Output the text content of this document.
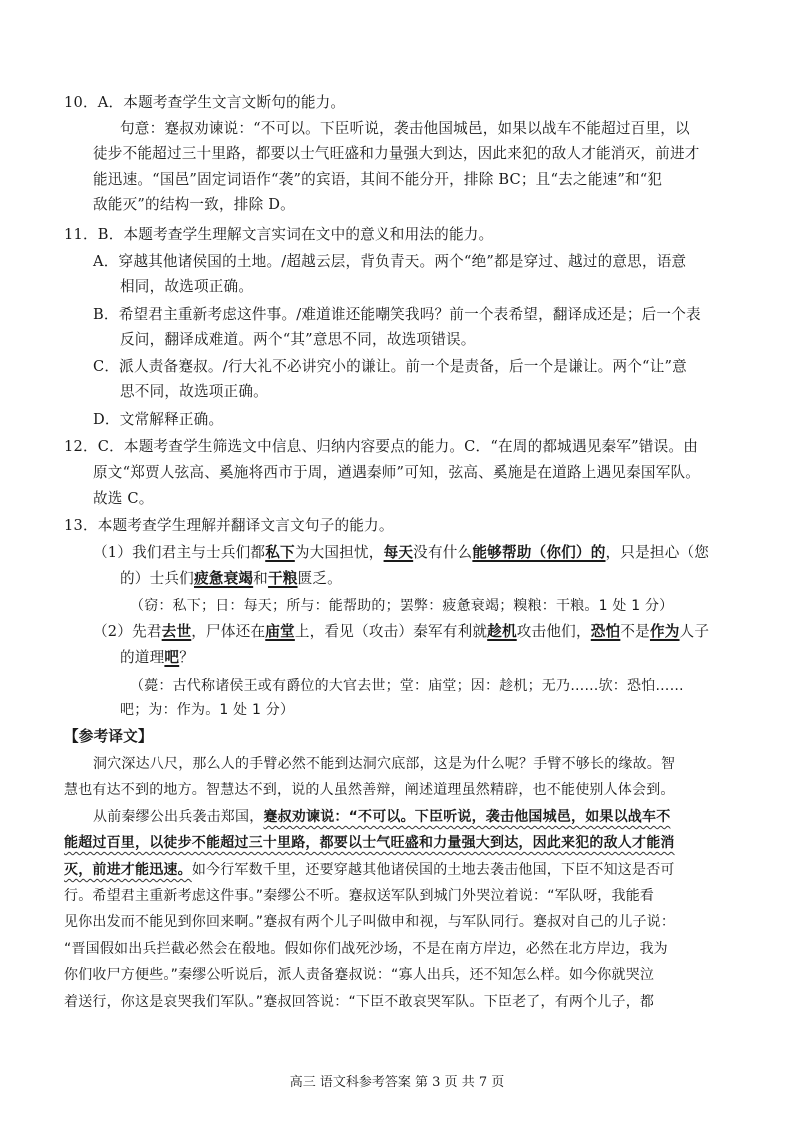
10．A．本题考查学生文言文断句的能力。
句意：蹇叔劝谏说：“不可以。下臣听说，袭击他国城邑，如果以战车不能超过百里，以
徒步不能超过三十里路，都要以士气旺盛和力量强大到达，因此来犯的敌人才能消灭，前进才
能迅速。“国邑”固定词语作“袭”的宾语，其间不能分开，排除 BC；且“去之能速”和“犯
敌能灭”的结构一致，排除 D。
11．B．本题考查学生理解文言实词在文中的意义和用法的能力。
A．穿越其他诸侯国的土地。/超越云层，背负青天。两个“绝”都是穿过、越过的意思，语意
相同，故选项正确。
B．希望君主重新考虑这件事。/难道谁还能嘲笑我吗？前一个表希望，翻译成还是；后一个表
反问，翻译成难道。两个“其”意思不同，故选项错误。
C．派人责备蹇叔。/行大礼不必讲究小的谦让。前一个是责备，后一个是谦让。两个“让”意
思不同，故选项正确。
D．文常解释正确。
12．C．本题考查学生筛选文中信息、归纳内容要点的能力。C．“在周的都城遇见秦军”错误。由
原文“郑贾人弦高、奚施将西市于周，遒遇秦师”可知，弦高、奚施是在道路上遇见秦国军队。
故选 C。
13．本题考查学生理解并翻译文言文句子的能力。
（1）我们君主与士兵们都私下为大国担忧，每天没有什么能够帮助（你们）的，只是担心（您
的）士兵们疲惫衰竭和干粮匮乏。
（窃：私下；日：每天；所与：能帮助的；罢弊：疲惫衰竭；糗粮：干粮。1 处 1 分）
（2）先君去世，尸体还在庙堂上，看见（攻击）秦军有利就趁机攻击他们，恐怕不是作为人子
的道理吧？
（薨：古代称诸侯王或有爵位的大官去世；堂：庙堂；因：趁机；无乃……欤：恐怕……
吧；为：作为。1 处 1 分）
【参考译文】
洞穴深达八尺，那么人的手臂必然不能到达洞穴底部，这是为什么呢？手臂不够长的缘故。智
慧也有达不到的地方。智慧达不到，说的人虽然善辩，阐述道理虽然精辟，也不能使别人体会到。
从前秦缪公出兵袭击郑国，蹇叔劝谏说：“不可以。下臣听说，袭击他国城邑，如果以战车不
能超过百里，以徒步不能超过三十里路，都要以士气旺盛和力量强大到达，因此来犯的敌人才能消
灭，前进才能迅速。如今行军数千里，还要穿越其他诸侯国的土地去袭击他国，下臣不知这是否可
行。希望君主重新考虑这件事。”秦缪公不听。蹇叔送军队到城门外哭泣着说：“军队呀，我能看
见你出发而不能见到你回来啊。”蹇叔有两个儿子叫做申和视，与军队同行。蹇叔对自己的儿子说：
“晋国假如出兵拦截必然会在殽地。假如你们战死沙场，不是在南方岸边，必然在北方岸边，我为
你们收尸方便些。”秦缪公听说后，派人责备蹇叔说：“寡人出兵，还不知怎么样。如今你就哭泣
着送行，你这是哀哭我们军队。”蹇叔回答说：“下臣不敢哀哭军队。下臣老了，有两个儿子，都
高三 语文科参考答案 第 3 页 共 7 页
